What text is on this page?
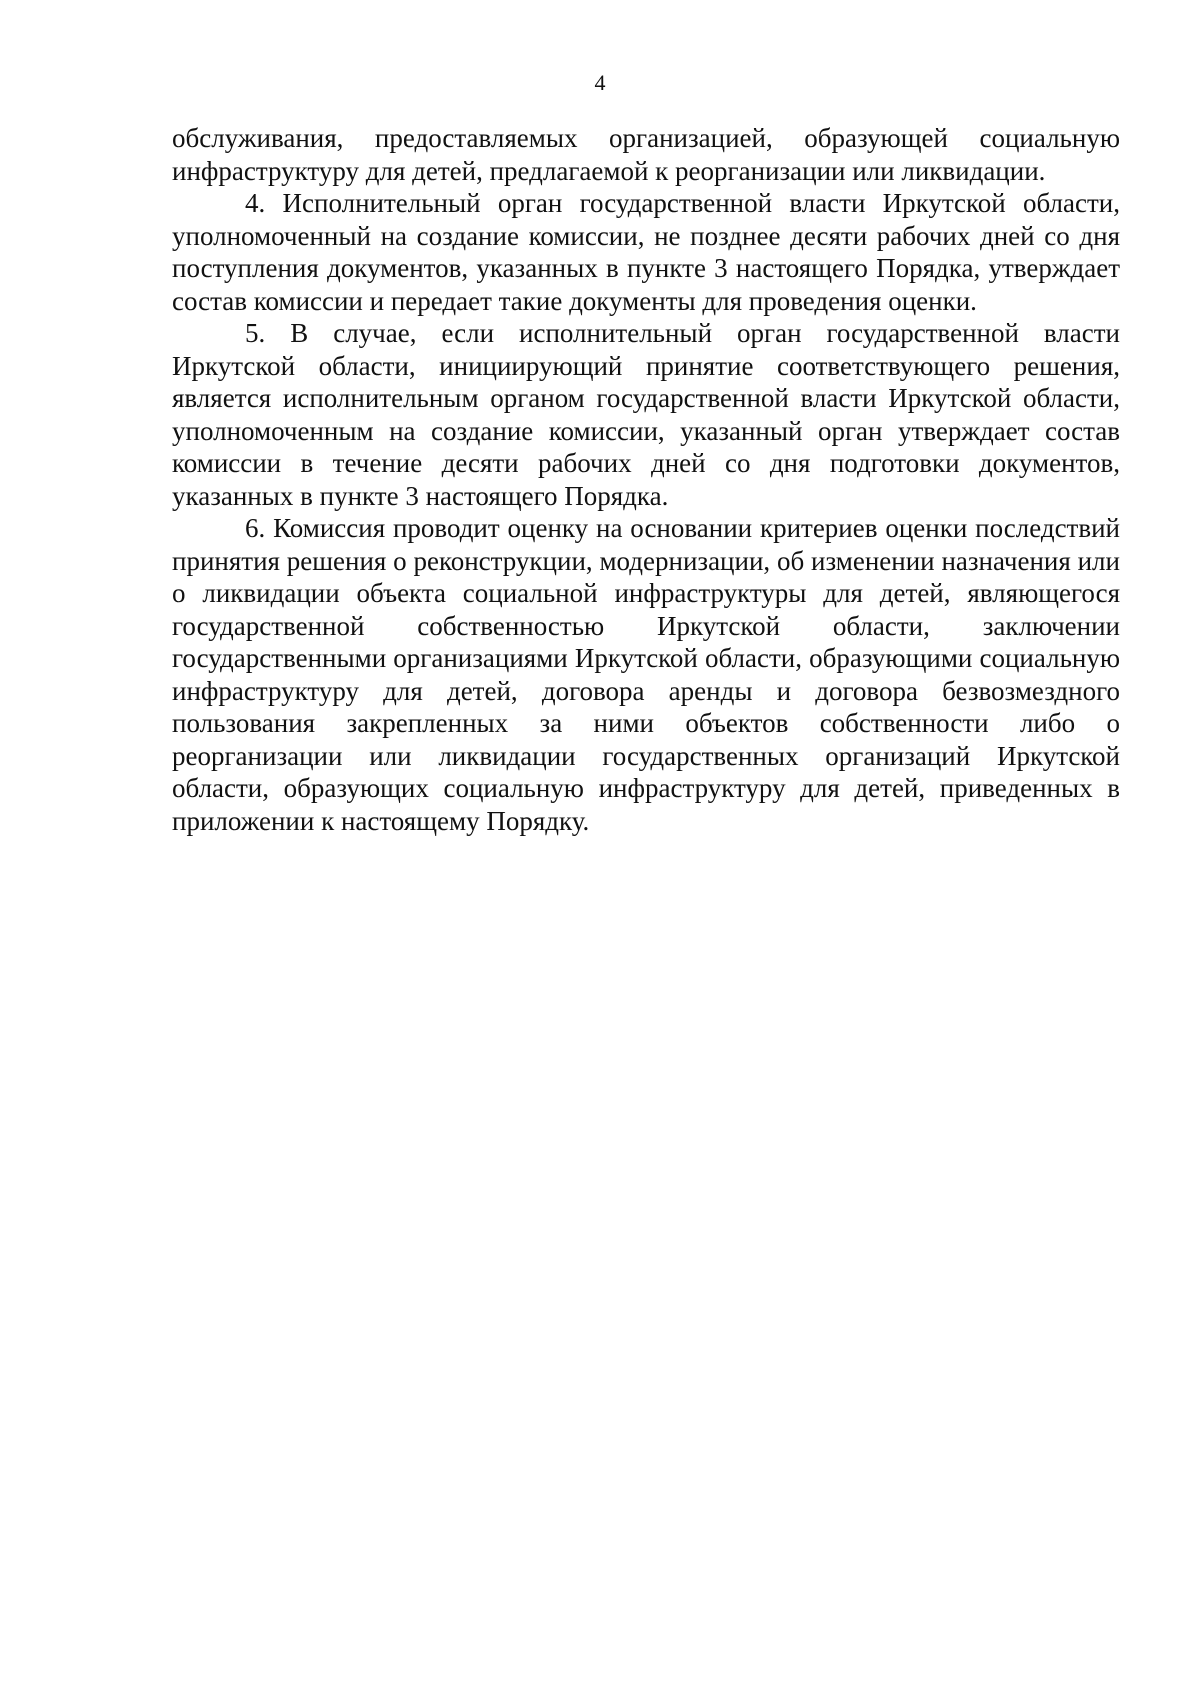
4

обслуживания, предоставляемых организацией, образующей социальную инфраструктуру для детей, предлагаемой к реорганизации или ликвидации.

4. Исполнительный орган государственной власти Иркутской области, уполномоченный на создание комиссии, не позднее десяти рабочих дней со дня поступления документов, указанных в пункте 3 настоящего Порядка, утверждает состав комиссии и передает такие документы для проведения оценки.

5. В случае, если исполнительный орган государственной власти Иркутской области, инициирующий принятие соответствующего решения, является исполнительным органом государственной власти Иркутской области, уполномоченным на создание комиссии, указанный орган утверждает состав комиссии в течение десяти рабочих дней со дня подготовки документов, указанных в пункте 3 настоящего Порядка.

6. Комиссия проводит оценку на основании критериев оценки последствий принятия решения о реконструкции, модернизации, об изменении назначения или о ликвидации объекта социальной инфраструктуры для детей, являющегося государственной собственностью Иркутской области, заключении государственными организациями Иркутской области, образующими социальную инфраструктуру для детей, договора аренды и договора безвозмездного пользования закрепленных за ними объектов собственности либо о реорганизации или ликвидации государственных организаций Иркутской области, образующих социальную инфраструктуру для детей, приведенных в приложении к настоящему Порядку.
